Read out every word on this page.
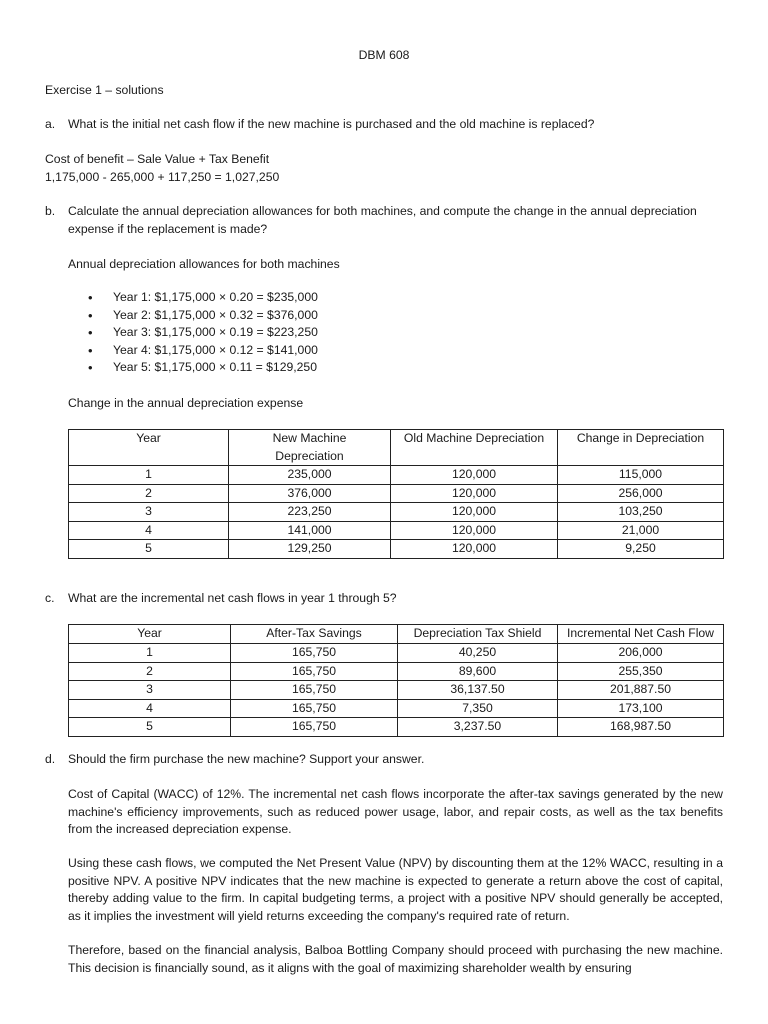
DBM 608
Exercise 1 – solutions
a. What is the initial net cash flow if the new machine is purchased and the old machine is replaced?
Cost of benefit – Sale Value + Tax Benefit
1,175,000 - 265,000 + 117,250 = 1,027,250
b. Calculate the annual depreciation allowances for both machines, and compute the change in the annual depreciation expense if the replacement is made?
Annual depreciation allowances for both machines
• Year 1: $1,175,000 × 0.20 = $235,000
• Year 2: $1,175,000 × 0.32 = $376,000
• Year 3: $1,175,000 × 0.19 = $223,250
• Year 4: $1,175,000 × 0.12 = $141,000
• Year 5: $1,175,000 × 0.11 = $129,250
Change in the annual depreciation expense
Year	New Machine Depreciation	Old Machine Depreciation	Change in Depreciation
1	235,000	120,000	115,000
2	376,000	120,000	256,000
3	223,250	120,000	103,250
4	141,000	120,000	21,000
5	129,250	120,000	9,250
c. What are the incremental net cash flows in year 1 through 5?
Year	After-Tax Savings	Depreciation Tax Shield	Incremental Net Cash Flow
1	165,750	40,250	206,000
2	165,750	89,600	255,350
3	165,750	36,137.50	201,887.50
4	165,750	7,350	173,100
5	165,750	3,237.50	168,987.50
d. Should the firm purchase the new machine? Support your answer.
Cost of Capital (WACC) of 12%. The incremental net cash flows incorporate the after-tax savings generated by the new machine's efficiency improvements, such as reduced power usage, labor, and repair costs, as well as the tax benefits from the increased depreciation expense.
Using these cash flows, we computed the Net Present Value (NPV) by discounting them at the 12% WACC, resulting in a positive NPV. A positive NPV indicates that the new machine is expected to generate a return above the cost of capital, thereby adding value to the firm. In capital budgeting terms, a project with a positive NPV should generally be accepted, as it implies the investment will yield returns exceeding the company's required rate of return.
Therefore, based on the financial analysis, Balboa Bottling Company should proceed with purchasing the new machine. This decision is financially sound, as it aligns with the goal of maximizing shareholder wealth by ensuring
